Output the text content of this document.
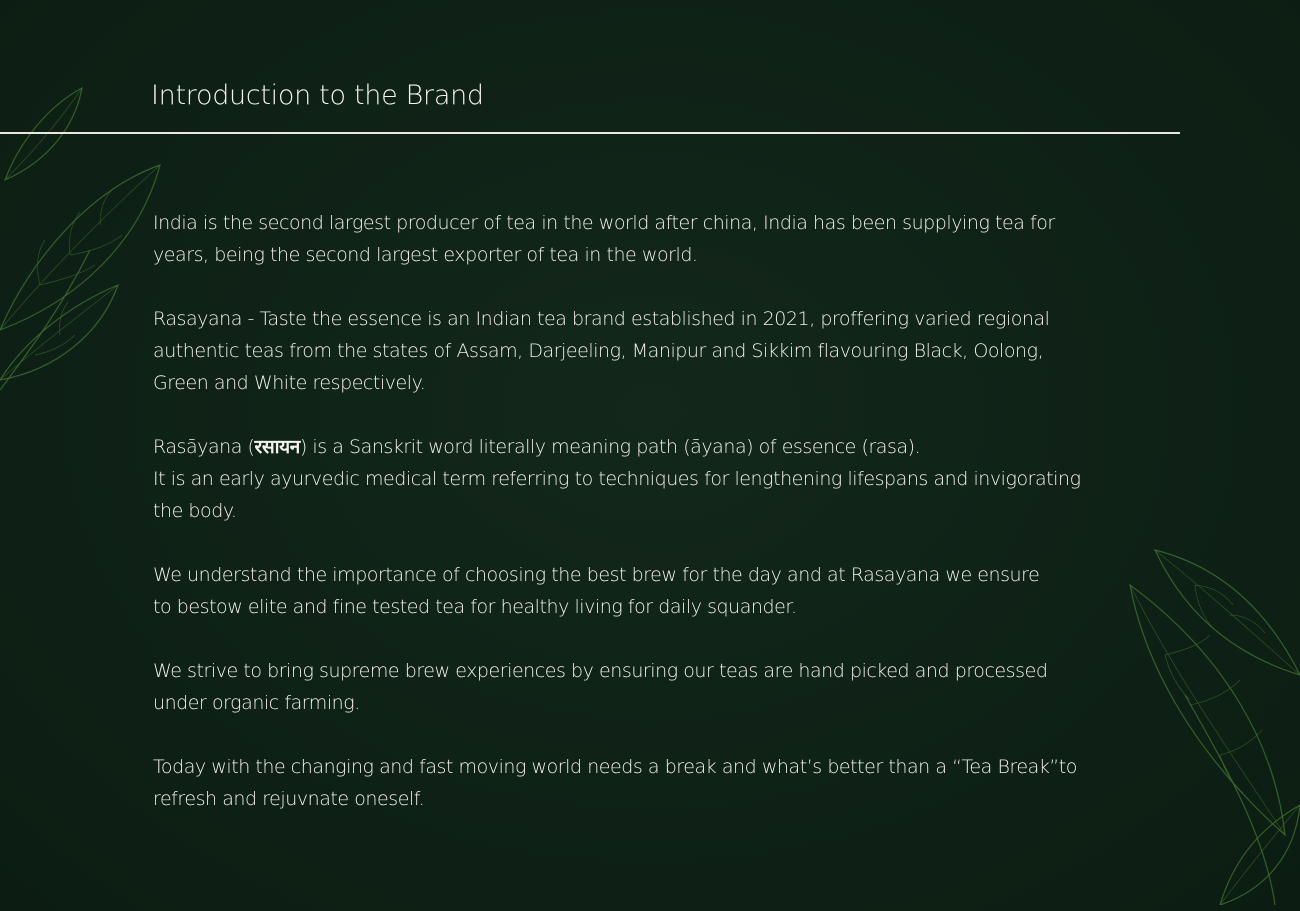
Introduction to the Brand

India is the second largest producer of tea in the world after china, India has been supplying tea for
years, being the second largest exporter of tea in the world.

Rasayana - Taste the essence is an Indian tea brand established in 2021, proffering varied regional
authentic teas from the states of Assam, Darjeeling, Manipur and Sikkim flavouring Black, Oolong,
Green and White respectively.

Rasāyana (रसायन) is a Sanskrit word literally meaning path (āyana) of essence (rasa).
It is an early ayurvedic medical term referring to techniques for lengthening lifespans and invigorating
the body.

We understand the importance of choosing the best brew for the day and at Rasayana we ensure
to bestow elite and fine tested tea for healthy living for daily squander.

We strive to bring supreme brew experiences by ensuring our teas are hand picked and processed
under organic farming.

Today with the changing and fast moving world needs a break and what’s better than a “Tea Break”to
refresh and rejuvnate oneself.
